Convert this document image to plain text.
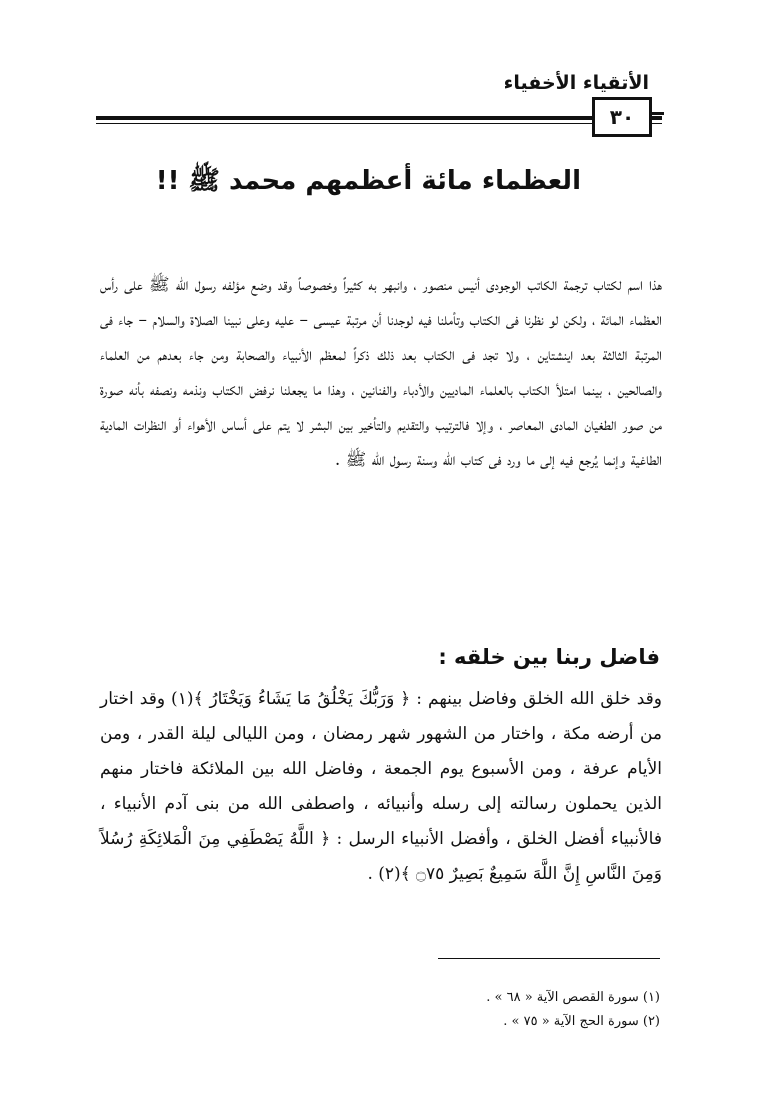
الأتقياء الأخفياء
٣٠
العظماء مائة أعظمهم محمد ﷺ !!

هذا اسم لكتاب ترجمة الكاتب الوجودى أنيس منصور ، وانبهر به كثيراً وخصوصاً وقد وضع مؤلفه رسول الله ﷺ على رأس العظماء المائة ، ولكن لو نظرنا فى الكتاب وتأملنا فيه لوجدنا أن مرتبة عيسى – عليه وعلى نبينا الصلاة والسلام – جاء فى المرتبة الثالثة بعد اينشتاين ، ولا تجد فى الكتاب بعد ذلك ذكراً لمعظم الأنبياء والصحابة ومن جاء بعدهم من العلماء والصالحين ، بينما امتلأ الكتاب بالعلماء الماديين والأدباء والفنانين ، وهذا ما يجعلنا نرفض الكتاب ونذمه ونصفه بأنه صورة من صور الطغيان المادى المعاصر ، وإلا فالترتيب والتقديم والتأخير بين البشر لا يتم على أساس الأهواء أو النظرات المادية الطاغية وإنما يُرجع فيه إلى ما ورد فى كتاب الله وسنة رسول الله ﷺ .

فاضل ربنا بين خلقه :

وقد خلق الله الخلق وفاضل بينهم : ﴿ وَرَبُّكَ يَخْلُقُ مَا يَشَاءُ وَيَخْتَارُ ﴾(١) وقد اختار من أرضه مكة ، واختار من الشهور شهر رمضان ، ومن الليالى ليلة القدر ، ومن الأيام عرفة ، ومن الأسبوع يوم الجمعة ، وفاضل الله بين الملائكة فاختار منهم الذين يحملون رسالته إلى رسله وأنبيائه ، واصطفى الله من بنى آدم الأنبياء ، فالأنبياء أفضل الخلق ، وأفضل الأنبياء الرسل : ﴿ اللَّهُ يَصْطَفِي مِنَ الْمَلائِكَةِ رُسُلاً وَمِنَ النَّاسِ إِنَّ اللَّهَ سَمِيعٌ بَصِيرٌ ۝٧٥ ﴾(٢) .

(١) سورة القصص الآية « ٦٨ » .
(٢) سورة الحج الآية « ٧٥ » .
